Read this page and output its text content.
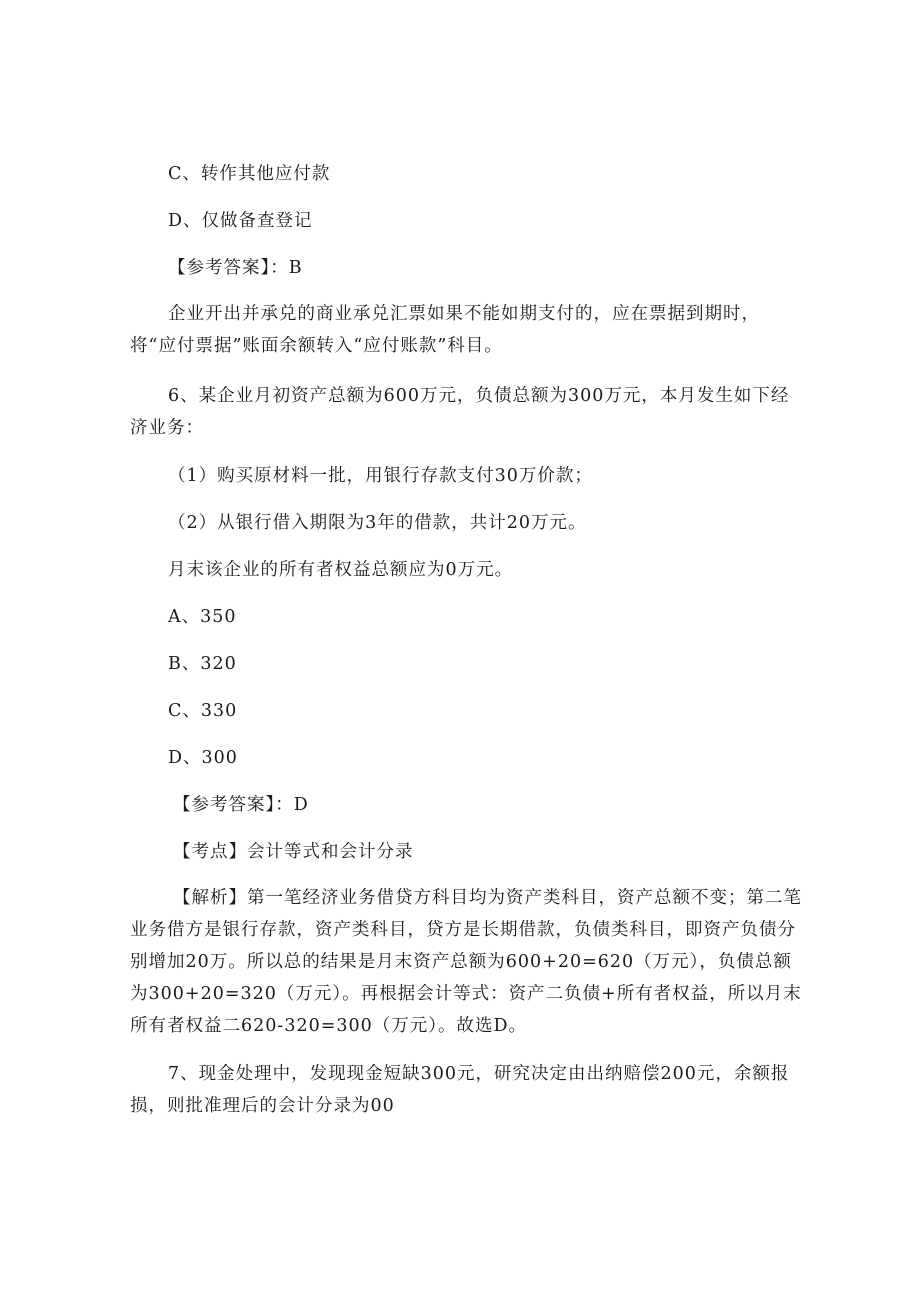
C、转作其他应付款
D、仅做备查登记
【参考答案】：B
企业开出并承兑的商业承兑汇票如果不能如期支付的，应在票据到期时，将“应付票据”账面余额转入“应付账款”科目。
6、某企业月初资产总额为600万元，负债总额为300万元，本月发生如下经济业务：
（1）购买原材料一批，用银行存款支付30万价款；
（2）从银行借入期限为3年的借款，共计20万元。
月末该企业的所有者权益总额应为0万元。
A、350
B、320
C、330
D、300
【参考答案】：D
【考点】会计等式和会计分录
【解析】第一笔经济业务借贷方科目均为资产类科目，资产总额不变；第二笔业务借方是银行存款，资产类科目，贷方是长期借款，负债类科目，即资产负债分别增加20万。所以总的结果是月末资产总额为600+20=620（万元），负债总额为300+20=320（万元）。再根据会计等式：资产二负债+所有者权益，所以月末所有者权益二620-320=300（万元）。故选D。
7、现金处理中，发现现金短缺300元，研究决定由出纳赔偿200元，余额报损，则批准理后的会计分录为00
